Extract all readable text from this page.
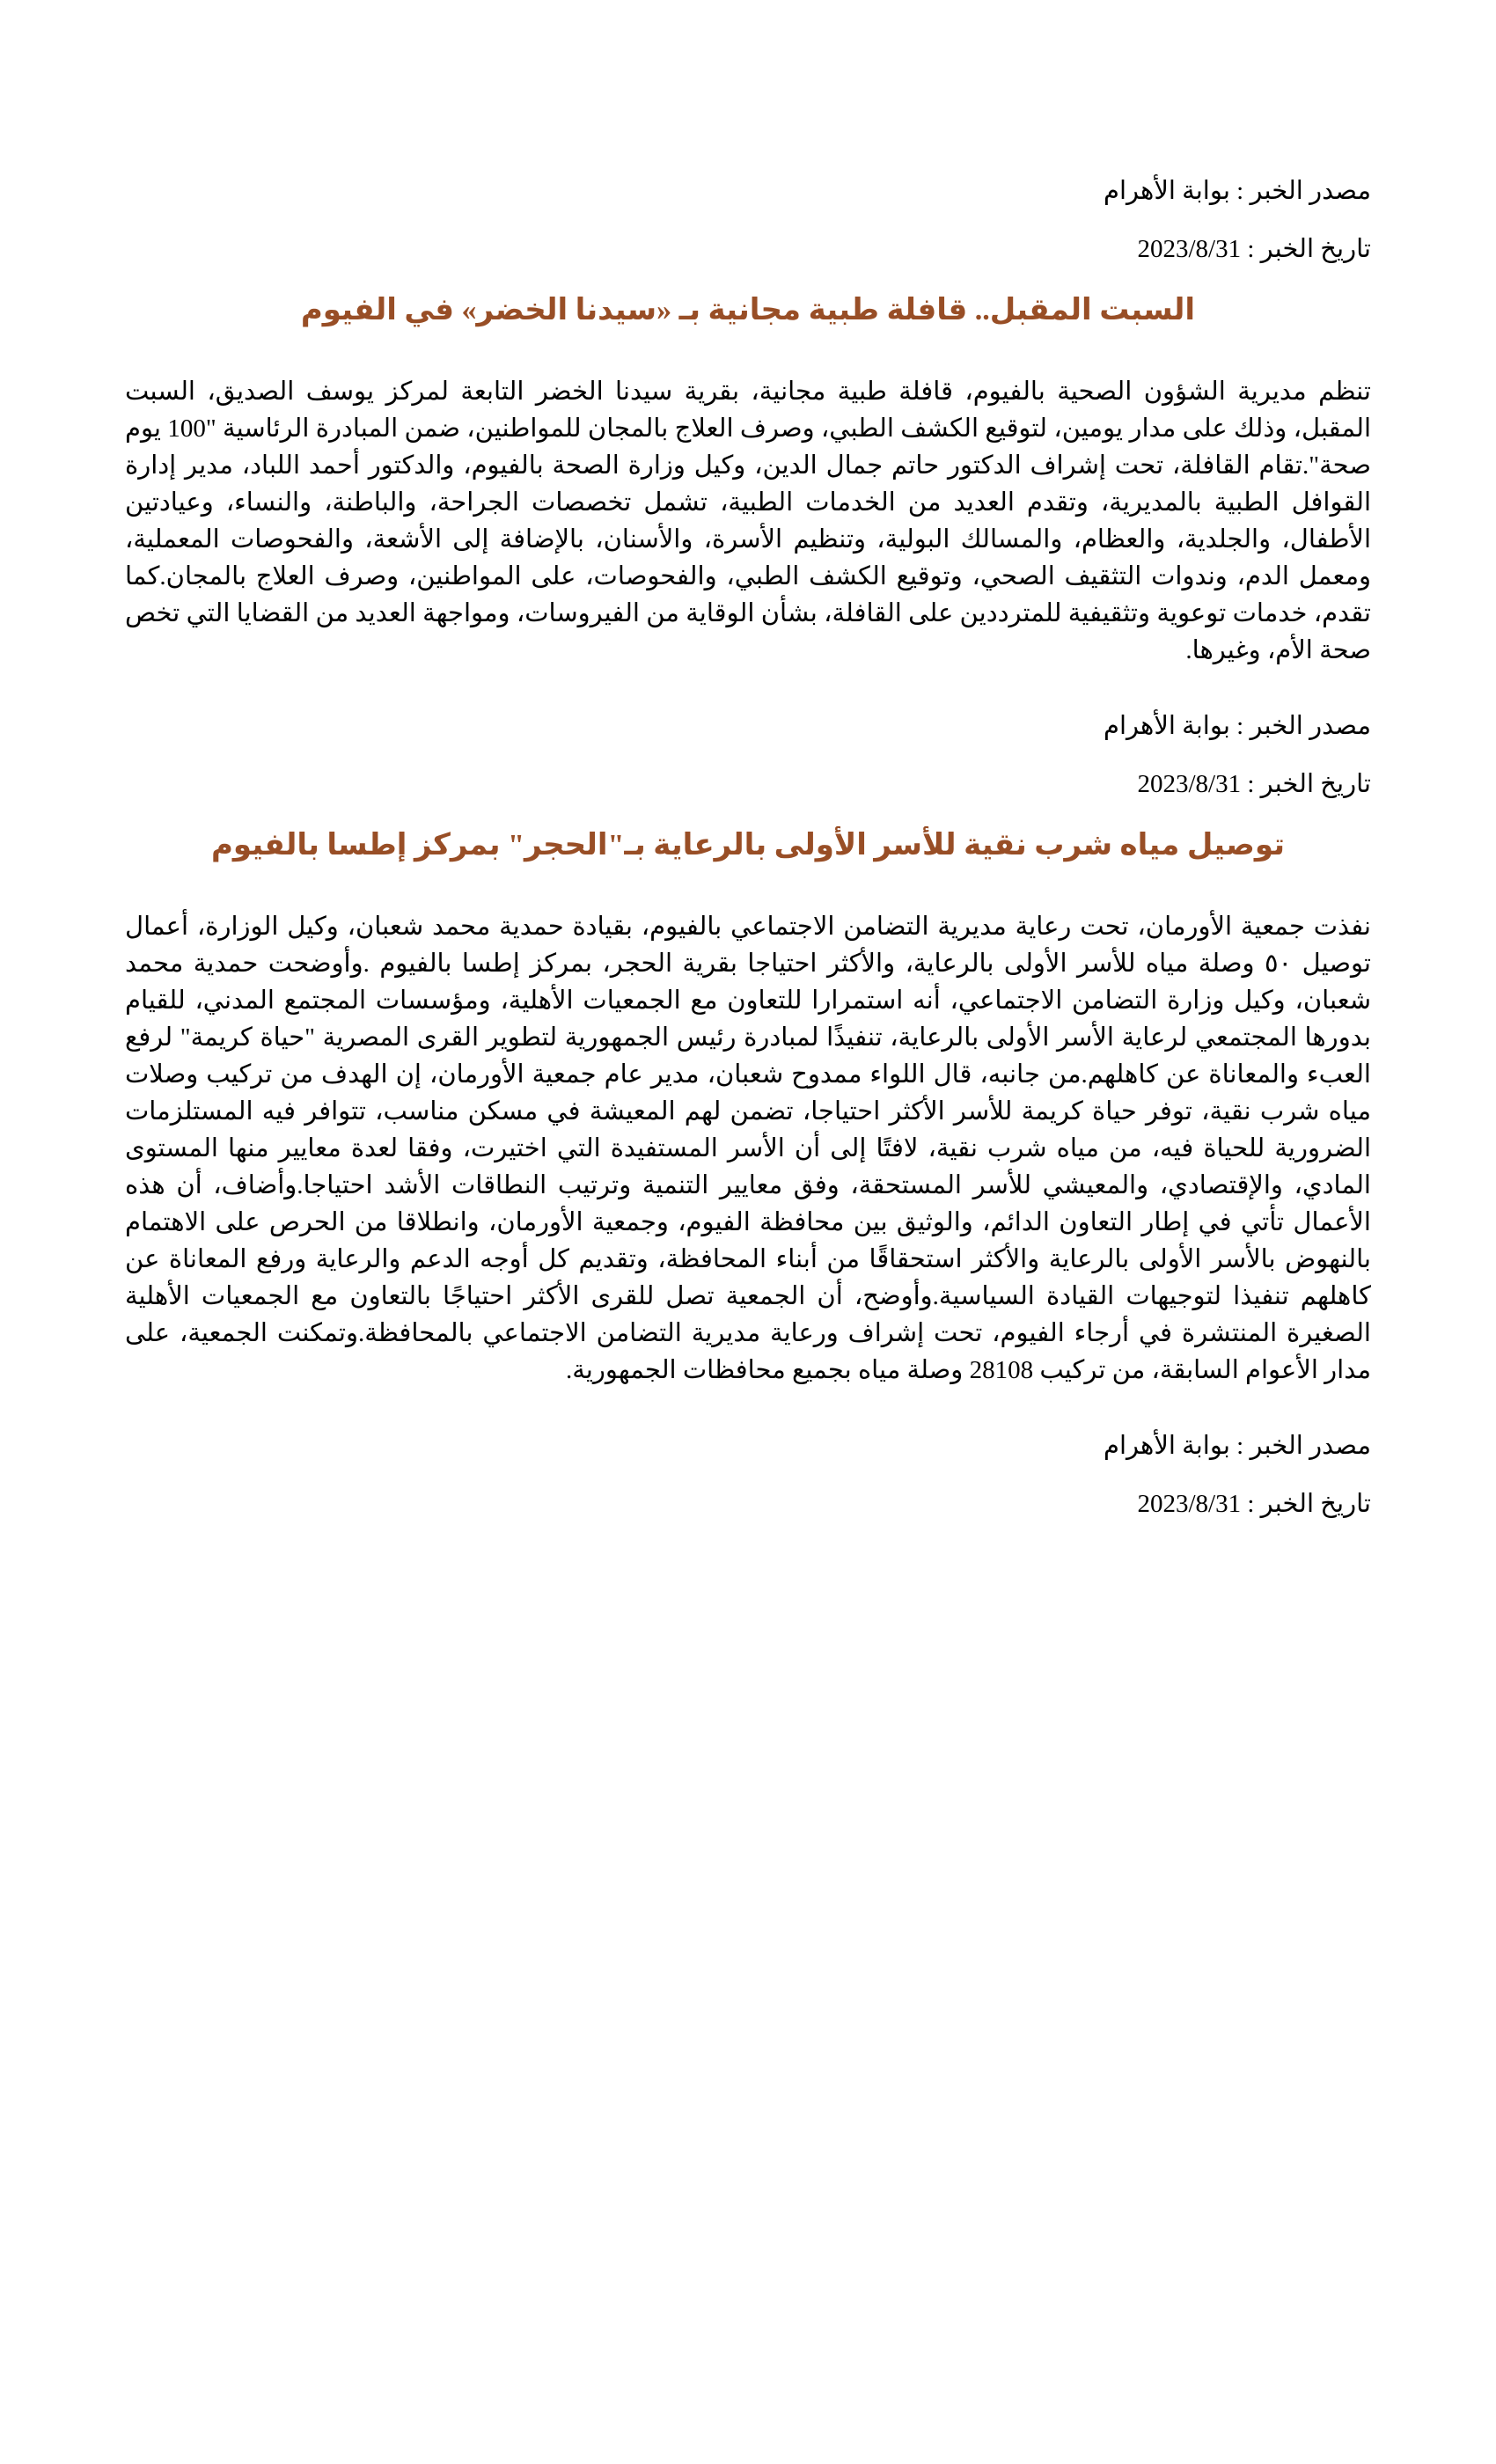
مصدر الخبر : بوابة الأهرام

تاريخ الخبر : 2023/8/31

السبت المقبل.. قافلة طبية مجانية بـ «سيدنا الخضر» في الفيوم

تنظم مديرية الشؤون الصحية بالفيوم، قافلة طبية مجانية، بقرية سيدنا الخضر التابعة لمركز يوسف الصديق، السبت المقبل، وذلك على مدار يومين، لتوقيع الكشف الطبي، وصرف العلاج بالمجان للمواطنين، ضمن المبادرة الرئاسية "100 يوم صحة".تقام القافلة، تحت إشراف الدكتور حاتم جمال الدين، وكيل وزارة الصحة بالفيوم، والدكتور أحمد اللباد، مدير إدارة القوافل الطبية بالمديرية، وتقدم العديد من الخدمات الطبية، تشمل تخصصات الجراحة، والباطنة، والنساء، وعيادتين الأطفال، والجلدية، والعظام، والمسالك البولية، وتنظيم الأسرة، والأسنان، بالإضافة إلى الأشعة، والفحوصات المعملية، ومعمل الدم، وندوات التثقيف الصحي، وتوقيع الكشف الطبي، والفحوصات، على المواطنين، وصرف العلاج بالمجان.كما تقدم، خدمات توعوية وتثقيفية للمترددين على القافلة، بشأن الوقاية من الفيروسات، ومواجهة العديد من القضايا التي تخص صحة الأم، وغيرها.

مصدر الخبر : بوابة الأهرام

تاريخ الخبر : 2023/8/31

توصيل مياه شرب نقية للأسر الأولى بالرعاية بـ"الحجر" بمركز إطسا بالفيوم

نفذت جمعية الأورمان، تحت رعاية مديرية التضامن الاجتماعي بالفيوم، بقيادة حمدية محمد شعبان، وكيل الوزارة، أعمال توصيل ٥٠ وصلة مياه للأسر الأولى بالرعاية، والأكثر احتياجا بقرية الحجر، بمركز إطسا بالفيوم .وأوضحت حمدية محمد شعبان، وكيل وزارة التضامن الاجتماعي، أنه استمرارا للتعاون مع الجمعيات الأهلية، ومؤسسات المجتمع المدني، للقيام بدورها المجتمعي لرعاية الأسر الأولى بالرعاية، تنفيذًا لمبادرة رئيس الجمهورية لتطوير القرى المصرية "حياة كريمة" لرفع العبء والمعاناة عن كاهلهم.من جانبه، قال اللواء ممدوح شعبان، مدير عام جمعية الأورمان، إن الهدف من تركيب وصلات مياه شرب نقية، توفر حياة كريمة للأسر الأكثر احتياجا، تضمن لهم المعيشة في مسكن مناسب، تتوافر فيه المستلزمات الضرورية للحياة فيه، من مياه شرب نقية، لافتًا إلى أن الأسر المستفيدة التي اختيرت، وفقا لعدة معايير منها المستوى المادي، والإقتصادي، والمعيشي للأسر المستحقة، وفق معايير التنمية وترتيب النطاقات الأشد احتياجا.وأضاف، أن هذه الأعمال تأتي في إطار التعاون الدائم، والوثيق بين محافظة الفيوم، وجمعية الأورمان، وانطلاقا من الحرص على الاهتمام بالنهوض بالأسر الأولى بالرعاية والأكثر استحقاقًا من أبناء المحافظة، وتقديم كل أوجه الدعم والرعاية ورفع المعاناة عن كاهلهم تنفيذا لتوجيهات القيادة السياسية.وأوضح، أن الجمعية تصل للقرى الأكثر احتياجًا بالتعاون مع الجمعيات الأهلية الصغيرة المنتشرة في أرجاء الفيوم، تحت إشراف ورعاية مديرية التضامن الاجتماعي بالمحافظة.وتمكنت الجمعية، على مدار الأعوام السابقة، من تركيب 28108 وصلة مياه بجميع محافظات الجمهورية.

مصدر الخبر : بوابة الأهرام

تاريخ الخبر : 2023/8/31
